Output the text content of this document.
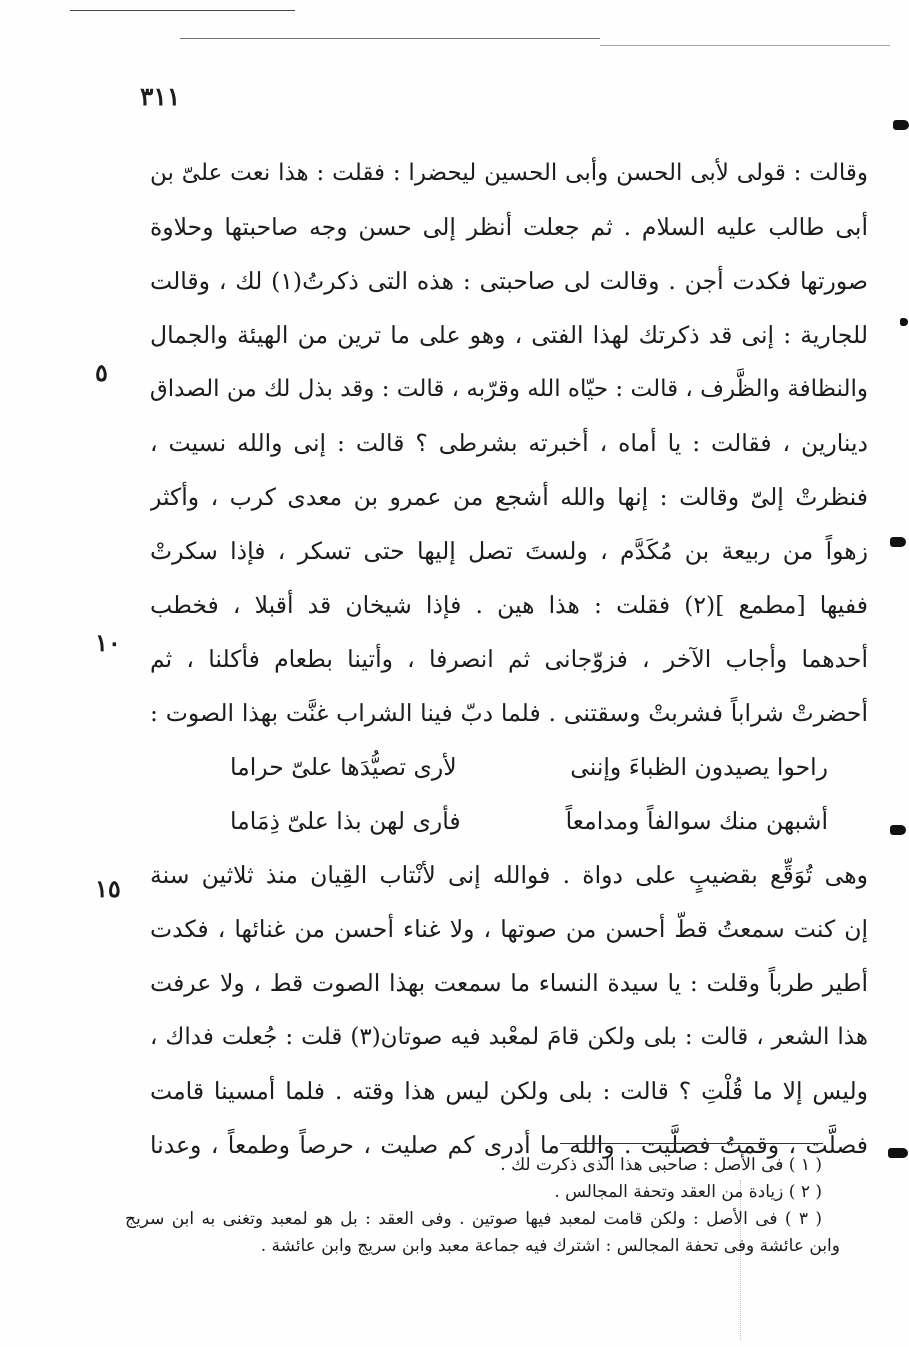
٣١١
٥
١٠
١٥
وقالت : قولى لأبى الحسن وأبى الحسين ليحضرا : فقلت : هذا نعت علىّ بن
أبى طالب عليه السلام . ثم جعلت أنظر إلى حسن وجه صاحبتها وحلاوة
صورتها فكدت أجن . وقالت لى صاحبتى : هذه التى ذكرتُ(١) لك ، وقالت
للجارية : إنى قد ذكرتك لهذا الفتى ، وهو على ما ترين من الهيئة والجمال
والنظافة والظَّرف ، قالت : حيّاه الله وقرّبه ، قالت : وقد بذل لك من الصداق
دينارين ، فقالت : يا أماه ، أخبرته بشرطى ؟ قالت : إنى والله نسيت ،
فنظرتْ إلىّ وقالت : إنها والله أشجع من عمرو بن معدى كرب ، وأكثر
زهواً من ربيعة بن مُكَدَّم ، ولستَ تصل إليها حتى تسكر ، فإذا سكرتْ
ففيها [مطمع ](٢) فقلت : هذا هين . فإذا شيخان قد أقبلا ، فخطب
أحدهما وأجاب الآخر ، فزوّجانى ثم انصرفا ، وأتينا بطعام فأكلنا ، ثم
أحضرتْ شراباً فشربتْ وسقتنى . فلما دبّ فينا الشراب غنَّت بهذا الصوت :
راحوا يصيدون الظباءَ وإننى
لأرى تصيُّدَها علىّ حراما
أشبهن منك سوالفاً ومدامعاً
فأرى لهن بذا علىّ ذِمَاما
وهى تُوَقِّع بقضيبٍ على دواة . فوالله إنى لأنْتاب القِيان منذ ثلاثين سنة
إن كنت سمعتُ قطّ أحسن من صوتها ، ولا غناء أحسن من غنائها ، فكدت
أطير طرباً وقلت : يا سيدة النساء ما سمعت بهذا الصوت قط ، ولا عرفت
هذا الشعر ، قالت : بلى ولكن قامَ لمعْبد فيه صوتان(٣) قلت : جُعلت فداك ،
وليس إلا ما قُلْتِ ؟ قالت : بلى ولكن ليس هذا وقته . فلما أمسينا قامت
فصلَّت ، وقمتُ فصلَّيت . والله ما أدرى كم صليت ، حرصاً وطمعاً ، وعدنا
( ١ ) فى الأصل : صاحبى هذا الذى ذكرت لك .
( ٢ ) زيادة من العقد وتحفة المجالس .
( ٣ ) فى الأصل : ولكن قامت لمعبد فيها صوتين . وفى العقد : بل هو لمعبد وتغنى به ابن سريج
وابن عائشة وفى تحفة المجالس : اشترك فيه جماعة معبد وابن سريج وابن عائشة .
